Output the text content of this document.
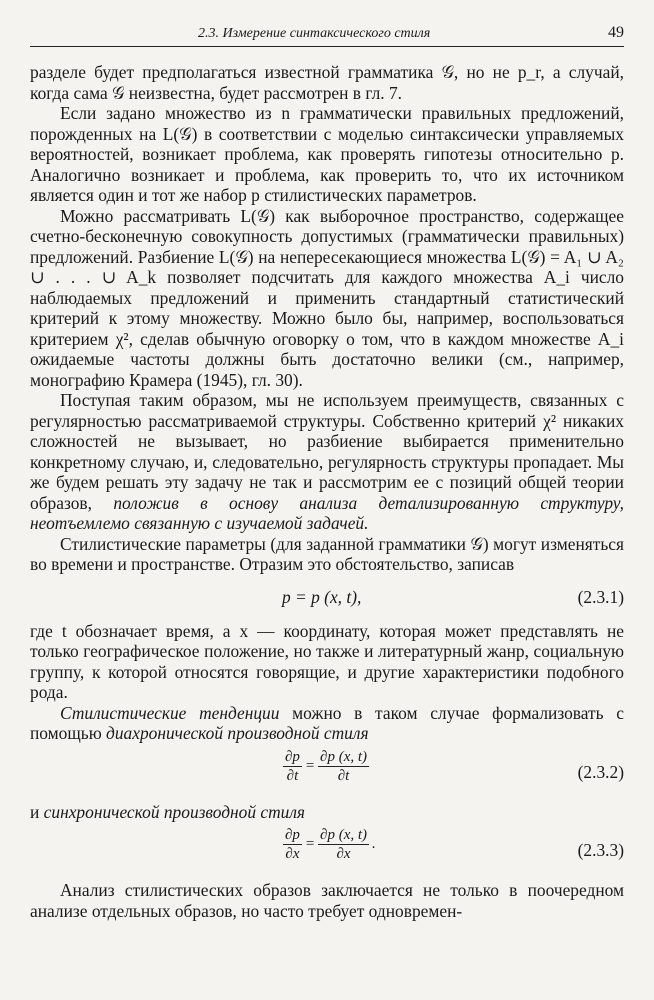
2.3. Измерение синтаксического стиля	49

разделе будет предполагаться известной грамматика 𝒢, но не p_r, а случай, когда сама 𝒢 неизвестна, будет рассмотрен в гл. 7.

Если задано множество из n грамматически правильных предложений, порожденных на L(𝒢) в соответствии с моделью синтаксически управляемых вероятностей, возникает проблема, как проверять гипотезы относительно p. Аналогично возникает и проблема, как проверить то, что их источником является один и тот же набор p стилистических параметров.

Можно рассматривать L(𝒢) как выборочное пространство, содержащее счетно-бесконечную совокупность допустимых (грамматически правильных) предложений. Разбиение L(𝒢) на непересекающиеся множества L(𝒢) = A₁ ∪ A₂ ∪ . . . ∪ A_k позволяет подсчитать для каждого множества A_i число наблюдаемых предложений и применить стандартный статистический критерий к этому множеству. Можно было бы, например, воспользоваться критерием χ², сделав обычную оговорку о том, что в каждом множестве A_i ожидаемые частоты должны быть достаточно велики (см., например, монографию Крамера (1945), гл. 30).

Поступая таким образом, мы не используем преимуществ, связанных с регулярностью рассматриваемой структуры. Собственно критерий χ² никаких сложностей не вызывает, но разбиение выбирается применительно конкретному случаю, и, следовательно, регулярность структуры пропадает. Мы же будем решать эту задачу не так и рассмотрим ее с позиций общей теории образов, положив в основу анализа детализированную структуру, неотъемлемо связанную с изучаемой задачей.

Стилистические параметры (для заданной грамматики 𝒢) могут изменяться во времени и пространстве. Отразим это обстоятельство, записав

p = p (x, t),	(2.3.1)

где t обозначает время, а x — координату, которая может представлять не только географическое положение, но также и литературный жанр, социальную группу, к которой относятся говорящие, и другие характеристики подобного рода.

Стилистические тенденции можно в таком случае формализовать с помощью диахронической производной стиля

$\frac{\partial p}{\partial t} = \frac{\partial p (x, t)}{\partial t}$	(2.3.2)

и синхронической производной стиля

$\frac{\partial p}{\partial x} = \frac{\partial p (x, t)}{\partial x}$ .	(2.3.3)

Анализ стилистических образов заключается не только в поочередном анализе отдельных образов, но часто требует одновремен-
